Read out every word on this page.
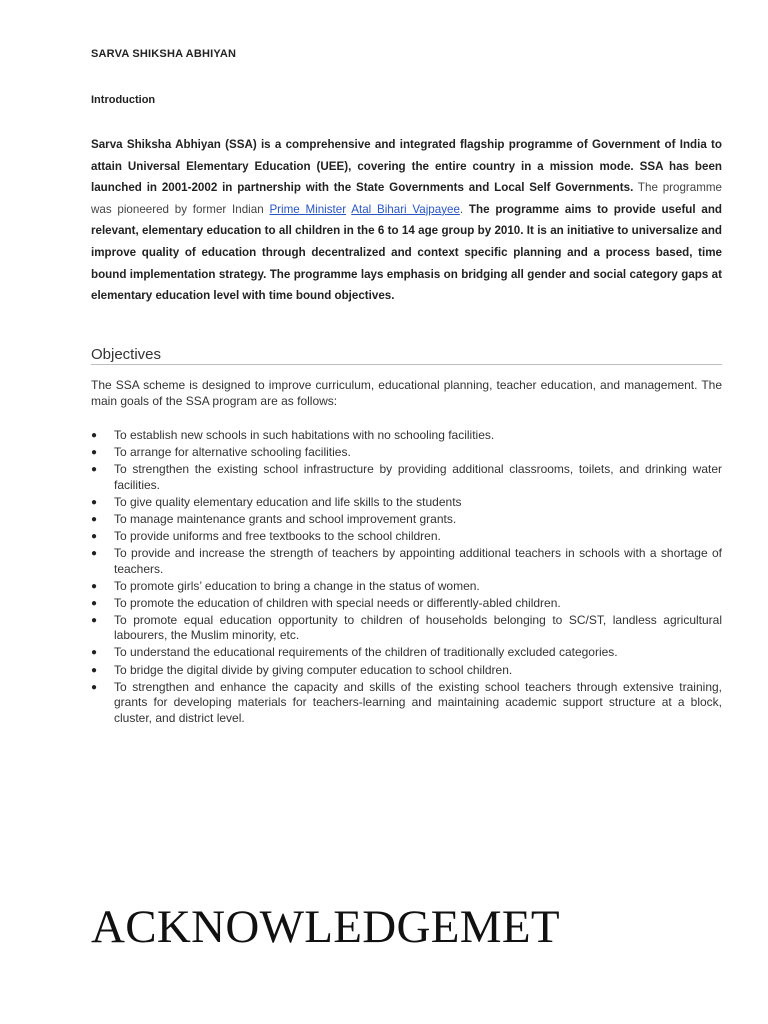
SARVA SHIKSHA ABHIYAN
Introduction
Sarva Shiksha Abhiyan (SSA) is a comprehensive and integrated flagship programme of Government of India to attain Universal Elementary Education (UEE), covering the entire country in a mission mode. SSA has been launched in 2001-2002 in partnership with the State Governments and Local Self Governments. The programme was pioneered by former Indian Prime Minister Atal Bihari Vajpayee. The programme aims to provide useful and relevant, elementary education to all children in the 6 to 14 age group by 2010. It is an initiative to universalize and improve quality of education through decentralized and context specific planning and a process based, time bound implementation strategy. The programme lays emphasis on bridging all gender and social category gaps at elementary education level with time bound objectives.
Objectives

The SSA scheme is designed to improve curriculum, educational planning, teacher education, and management. The main goals of the SSA program are as follows:

●	To establish new schools in such habitations with no schooling facilities.
●	To arrange for alternative schooling facilities.
●	To strengthen the existing school infrastructure by providing additional classrooms, toilets, and drinking water facilities.
●	To give quality elementary education and life skills to the students
●	To manage maintenance grants and school improvement grants.
●	To provide uniforms and free textbooks to the school children.
●	To provide and increase the strength of teachers by appointing additional teachers in schools with a shortage of teachers.
●	To promote girls’ education to bring a change in the status of women.
●	To promote the education of children with special needs or differently-abled children.
●	To promote equal education opportunity to children of households belonging to SC/ST, landless agricultural labourers, the Muslim minority, etc.
●	To understand the educational requirements of the children of traditionally excluded categories.
●	To bridge the digital divide by giving computer education to school children.
●	To strengthen and enhance the capacity and skills of the existing school teachers through extensive training, grants for developing materials for teachers-learning and maintaining academic support structure at a block, cluster, and district level.
ACKNOWLEDGEMET
